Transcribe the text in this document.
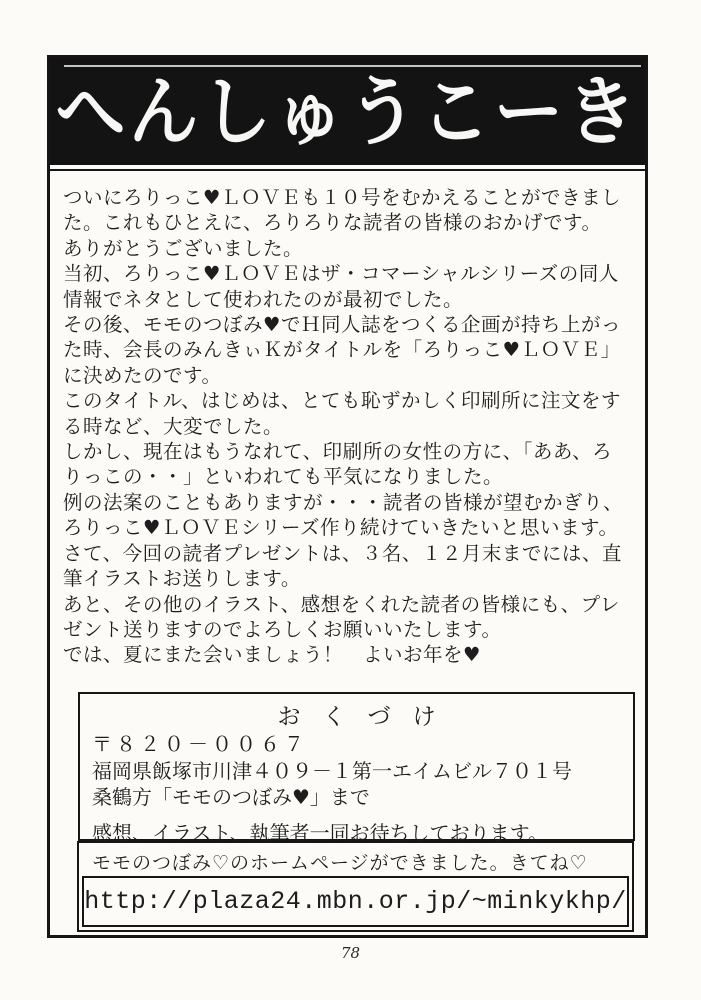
へんしゅうこーき
ついにろりっこ♥ＬＯＶＥも１０号をむかえることができまし
た。これもひとえに、ろりろりな読者の皆様のおかげです。
ありがとうございました。
当初、ろりっこ♥ＬＯＶＥはザ・コマーシャルシリーズの同人
情報でネタとして使われたのが最初でした。
その後、モモのつぼみ♥でＨ同人誌をつくる企画が持ち上がっ
た時、会長のみんきぃＫがタイトルを「ろりっこ♥ＬＯＶＥ」
に決めたのです。
このタイトル、はじめは、とても恥ずかしく印刷所に注文をす
る時など、大変でした。
しかし、現在はもうなれて、印刷所の女性の方に、「ああ、ろ
りっこの・・」といわれても平気になりました。
例の法案のこともありますが・・・読者の皆様が望むかぎり、
ろりっこ♥ＬＯＶＥシリーズ作り続けていきたいと思います。
さて、今回の読者プレゼントは、３名、１２月末までには、直
筆イラストお送りします。
あと、その他のイラスト、感想をくれた読者の皆様にも、プレ
ゼント送りますのでよろしくお願いいたします。
では、夏にまた会いましょう！　よいお年を♥
おくづけ
〒８２０－００６７
福岡県飯塚市川津４０９－１第一エイムビル７０１号
桑鶴方「モモのつぼみ♥」まで
感想、イラスト、執筆者一同お待ちしております。
モモのつぼみ♡のホームページができました。きてね♡
http://plaza24.mbn.or.jp/~minkykhp/
78
